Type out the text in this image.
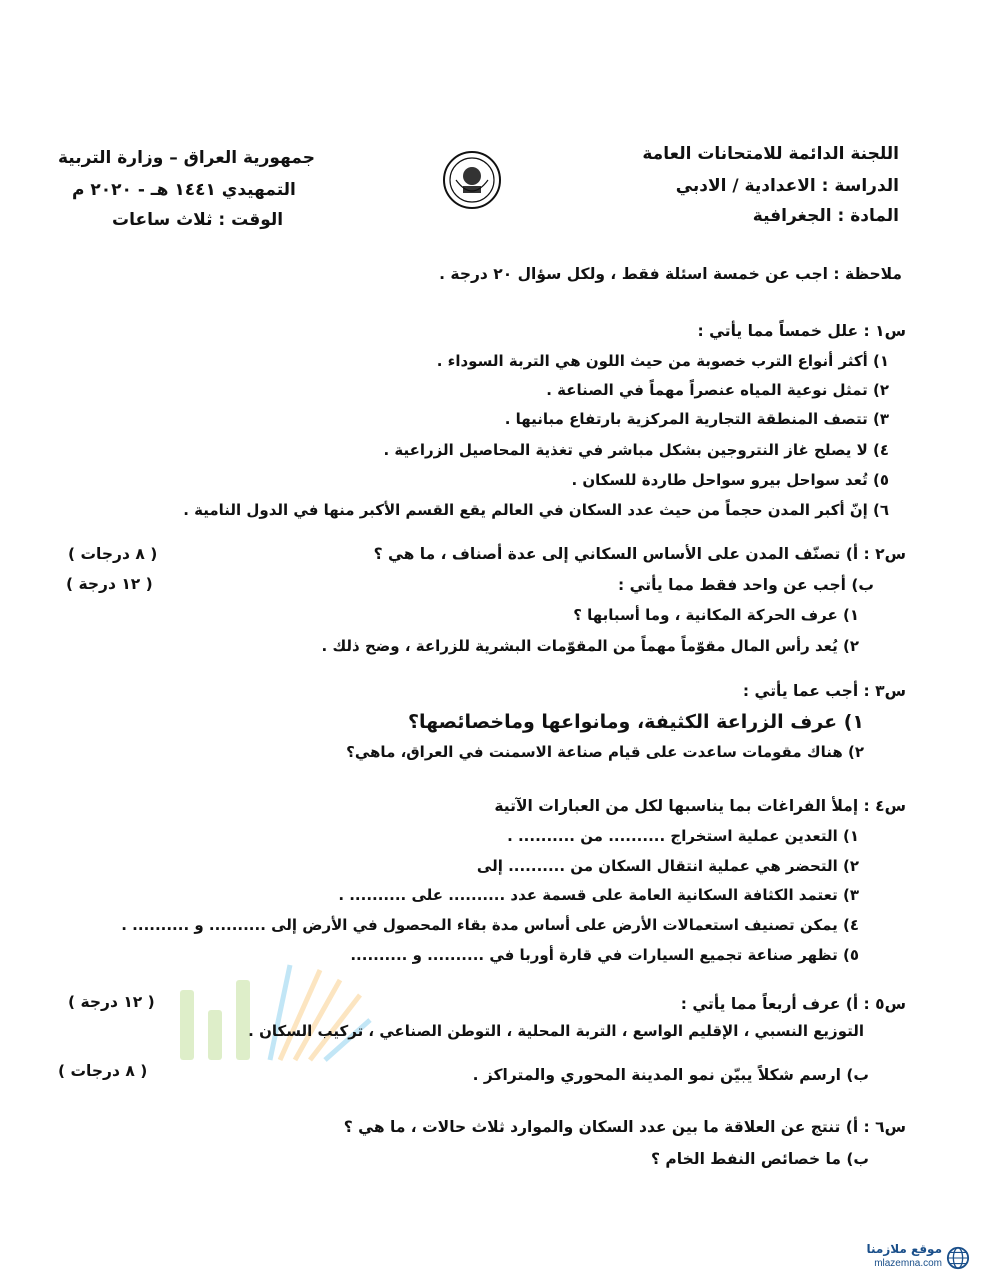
اللجنة الدائمة للامتحانات العامة
الدراسة : الاعدادية / الادبي
المادة : الجغرافية
جمهورية العراق – وزارة التربية
التمهيدي ١٤٤١ هـ - ٢٠٢٠ م
الوقت : ثلاث ساعات
ملاحظة : اجب عن خمسة اسئلة فقط ، ولكل سؤال ٢٠ درجة .
س١ : علل خمساً مما يأتي :
١) أكثر أنواع الترب خصوبة من حيث اللون هي التربة السوداء .
٢) تمثل نوعية المياه عنصراً مهماً في الصناعة .
٣) تتصف المنطقة التجارية المركزية بارتفاع مبانيها .
٤) لا يصلح غاز النتروجين بشكل مباشر في تغذية المحاصيل الزراعية .
٥) تُعد سواحل بيرو سواحل طاردة للسكان .
٦) إنّ أكبر المدن حجماً من حيث عدد السكان في العالم يقع القسم الأكبر منها في الدول النامية .
س٢ : أ) تصنّف المدن على الأساس السكاني إلى عدة أصناف ، ما هي ؟
( ٨ درجات )
ب) أجب عن واحد فقط مما يأتي :
( ١٢ درجة )
١) عرف الحركة المكانية ، وما أسبابها ؟
٢) يُعد رأس المال مقوّماً مهماً من المقوّمات البشرية للزراعة ، وضح ذلك .
س٣ : أجب عما يأتي :
١) عرف الزراعة الكثيفة، ومانواعها وماخصائصها؟
٢) هناك مقومات ساعدت على قيام صناعة الاسمنت في العراق، ماهي؟
س٤ : إملأ الفراغات بما يناسبها لكل من العبارات الآتية
١) التعدين عملية استخراج .......... من .......... .
٢) التحضر هي عملية انتقال السكان من .......... إلى
٣) تعتمد الكثافة السكانية العامة على قسمة عدد .......... على .......... .
٤) يمكن تصنيف استعمالات الأرض على أساس مدة بقاء المحصول في الأرض إلى .......... و .......... .
٥) تظهر صناعة تجميع السيارات في قارة أوربا في .......... و ..........
س٥ : أ) عرف أربعاً مما يأتي :
( ١٢ درجة )
التوزيع النسبي ، الإقليم الواسع ، التربة المحلية ، التوطن الصناعي ، تركيب السكان .
ب) ارسم شكلاً يبيّن نمو المدينة المحوري والمتراكز .
( ٨ درجات )
س٦ : أ) تنتج عن العلاقة ما بين عدد السكان والموارد ثلاث حالات ، ما هي ؟
ب) ما خصائص النفط الخام ؟
موقع ملازمنا
mlazemna.com
